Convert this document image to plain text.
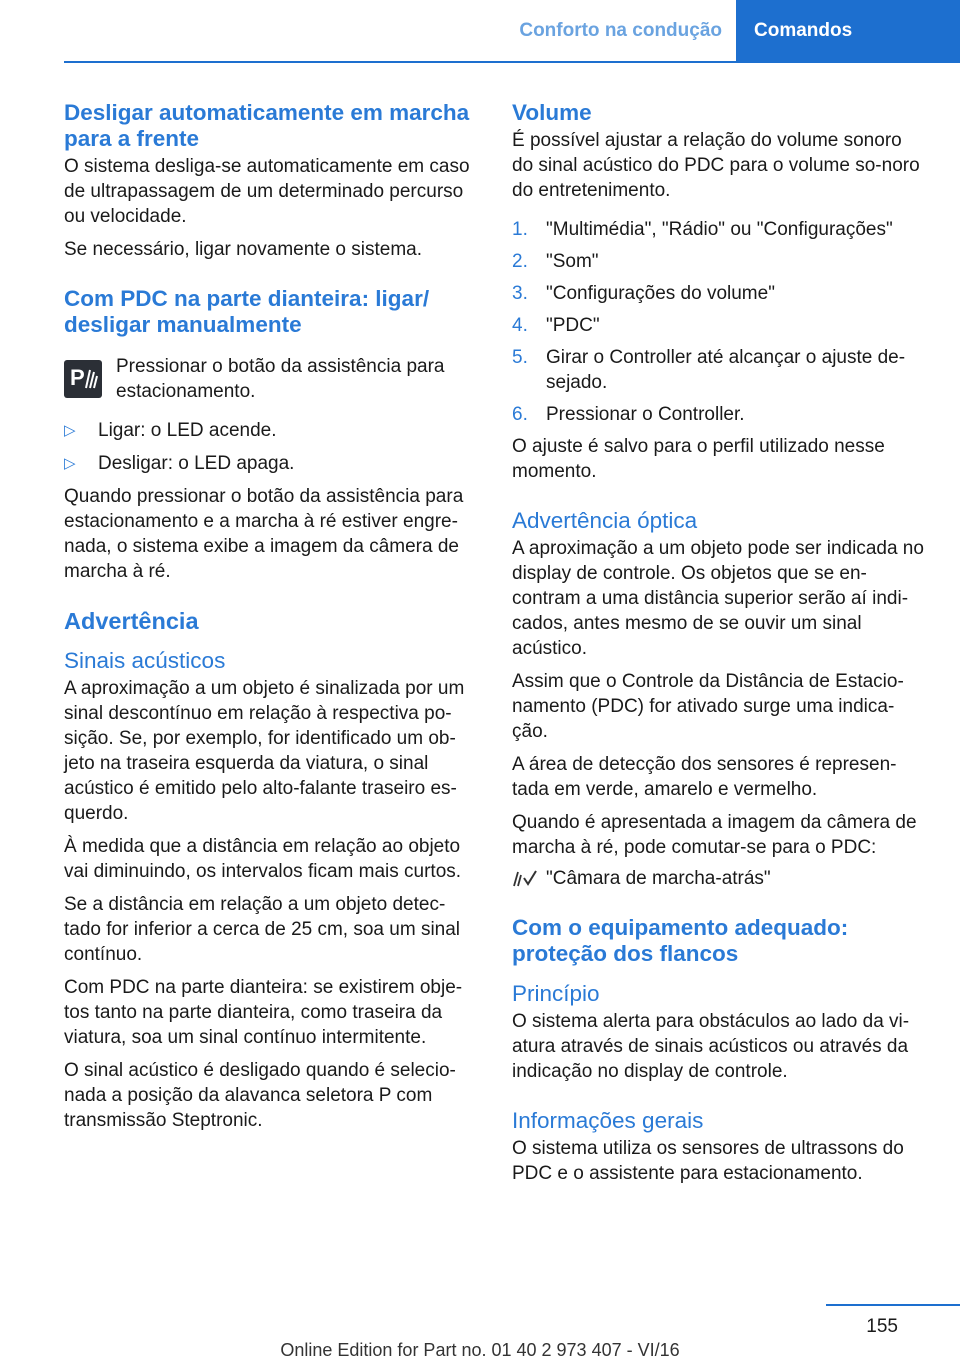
Conforto na condução	Comandos
Desligar automaticamente em marcha para a frente

O sistema desliga-se automaticamente em caso de ultrapassagem de um determinado percurso ou velocidade.

Se necessário, ligar novamente o sistema.

Com PDC na parte dianteira: ligar/ desligar manualmente
P Pressionar o botão da assistência para estacionamento.

▷	Ligar: o LED acende.
▷	Desligar: o LED apaga.

Quando pressionar o botão da assistência para estacionamento e a marcha à ré estiver engre-nada, o sistema exibe a imagem da câmera de marcha à ré.

Advertência
Sinais acústicos

A aproximação a um objeto é sinalizada por um sinal descontínuo em relação à respectiva po-sição. Se, por exemplo, for identificado um ob-jeto na traseira esquerda da viatura, o sinal acústico é emitido pelo alto-falante traseiro es-querdo.

À medida que a distância em relação ao objeto vai diminuindo, os intervalos ficam mais curtos.

Se a distância em relação a um objeto detec-tado for inferior a cerca de 25 cm, soa um sinal contínuo.

Com PDC na parte dianteira: se existirem obje-tos tanto na parte dianteira, como traseira da viatura, soa um sinal contínuo intermitente.

O sinal acústico é desligado quando é selecio-nada a posição da alavanca seletora P com transmissão Steptronic.

Volume

É possível ajustar a relação do volume sonoro do sinal acústico do PDC para o volume so-noro do entretenimento.

1. "Multimédia", "Rádio" ou "Configurações"
2. "Som"
3. "Configurações do volume"
4. "PDC"
5. Girar o Controller até alcançar o ajuste de-sejado.
6. Pressionar o Controller.

O ajuste é salvo para o perfil utilizado nesse momento.

Advertência óptica

A aproximação a um objeto pode ser indicada no display de controle. Os objetos que se en-contram a uma distância superior serão aí indi-cados, antes mesmo de se ouvir um sinal acústico.

Assim que o Controle da Distância de Estacio-namento (PDC) for ativado surge uma indica-ção.

A área de detecção dos sensores é represen-tada em verde, amarelo e vermelho.

Quando é apresentada a imagem da câmera de marcha à ré, pode comutar-se para o PDC:

"Câmara de marcha-atrás"

Com o equipamento adequado: proteção dos flancos
Princípio

O sistema alerta para obstáculos ao lado da vi-atura através de sinais acústicos ou através da indicação no display de controle.

Informações gerais

O sistema utiliza os sensores de ultrassons do PDC e o assistente para estacionamento.

155
Online Edition for Part no. 01 40 2 973 407 - VI/16
